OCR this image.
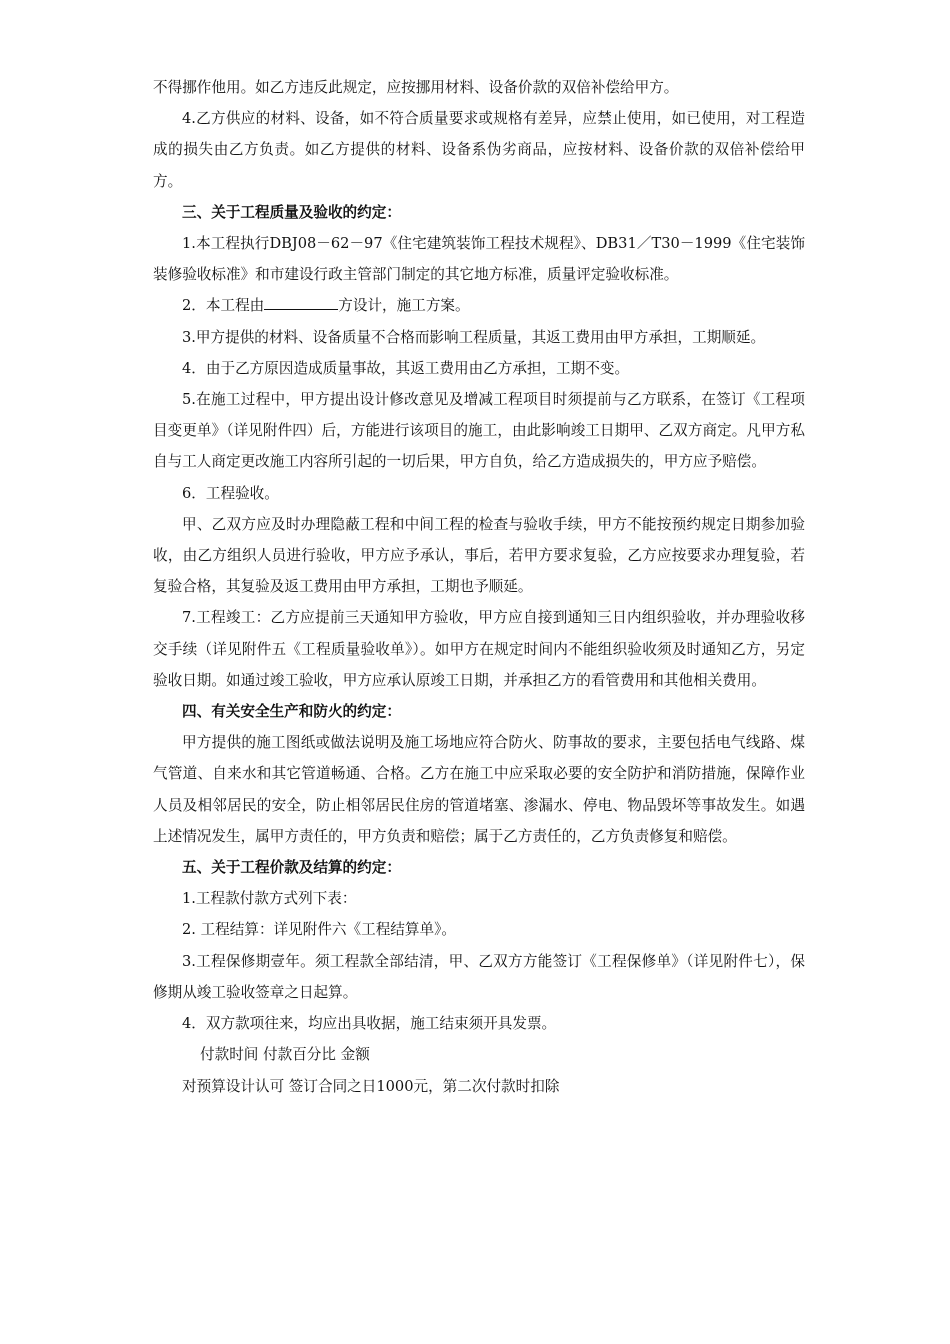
不得挪作他用。如乙方违反此规定，应按挪用材料、设备价款的双倍补偿给甲方。

4.乙方供应的材料、设备，如不符合质量要求或规格有差异，应禁止使用，如已使用，对工程造成的损失由乙方负责。如乙方提供的材料、设备系伪劣商品，应按材料、设备价款的双倍补偿给甲方。

三、关于工程质量及验收的约定：

1.本工程执行DBJ08－62－97《住宅建筑装饰工程技术规程》、DB31／T30－1999《住宅装饰装修验收标准》和市建设行政主管部门制定的其它地方标准，质量评定验收标准。

2．本工程由	方设计，施工方案。

3.甲方提供的材料、设备质量不合格而影响工程质量，其返工费用由甲方承担，工期顺延。

4．由于乙方原因造成质量事故，其返工费用由乙方承担，工期不变。

5.在施工过程中，甲方提出设计修改意见及增减工程项目时须提前与乙方联系，在签订《工程项目变更单》（详见附件四）后，方能进行该项目的施工，由此影响竣工日期甲、乙双方商定。凡甲方私自与工人商定更改施工内容所引起的一切后果，甲方自负，给乙方造成损失的，甲方应予赔偿。

6．工程验收。

甲、乙双方应及时办理隐蔽工程和中间工程的检查与验收手续，甲方不能按预约规定日期参加验收，由乙方组织人员进行验收，甲方应予承认，事后，若甲方要求复验，乙方应按要求办理复验，若复验合格，其复验及返工费用由甲方承担，工期也予顺延。

7.工程竣工：乙方应提前三天通知甲方验收，甲方应自接到通知三日内组织验收，并办理验收移交手续（详见附件五《工程质量验收单》）。如甲方在规定时间内不能组织验收须及时通知乙方，另定验收日期。如通过竣工验收，甲方应承认原竣工日期，并承担乙方的看管费用和其他相关费用。

四、有关安全生产和防火的约定：

甲方提供的施工图纸或做法说明及施工场地应符合防火、防事故的要求，主要包括电气线路、煤气管道、自来水和其它管道畅通、合格。乙方在施工中应采取必要的安全防护和消防措施，保障作业人员及相邻居民的安全，防止相邻居民住房的管道堵塞、渗漏水、停电、物品毁坏等事故发生。如遇上述情况发生，属甲方责任的，甲方负责和赔偿；属于乙方责任的，乙方负责修复和赔偿。

五、关于工程价款及结算的约定：

1.工程款付款方式列下表：

2. 工程结算：详见附件六《工程结算单》。

3.工程保修期壹年。须工程款全部结清，甲、乙双方方能签订《工程保修单》（详见附件七），保修期从竣工验收签章之日起算。

4．双方款项往来，均应出具收据，施工结束须开具发票。

付款时间 付款百分比 金额

对预算设计认可 签订合同之日1000元，第二次付款时扣除
